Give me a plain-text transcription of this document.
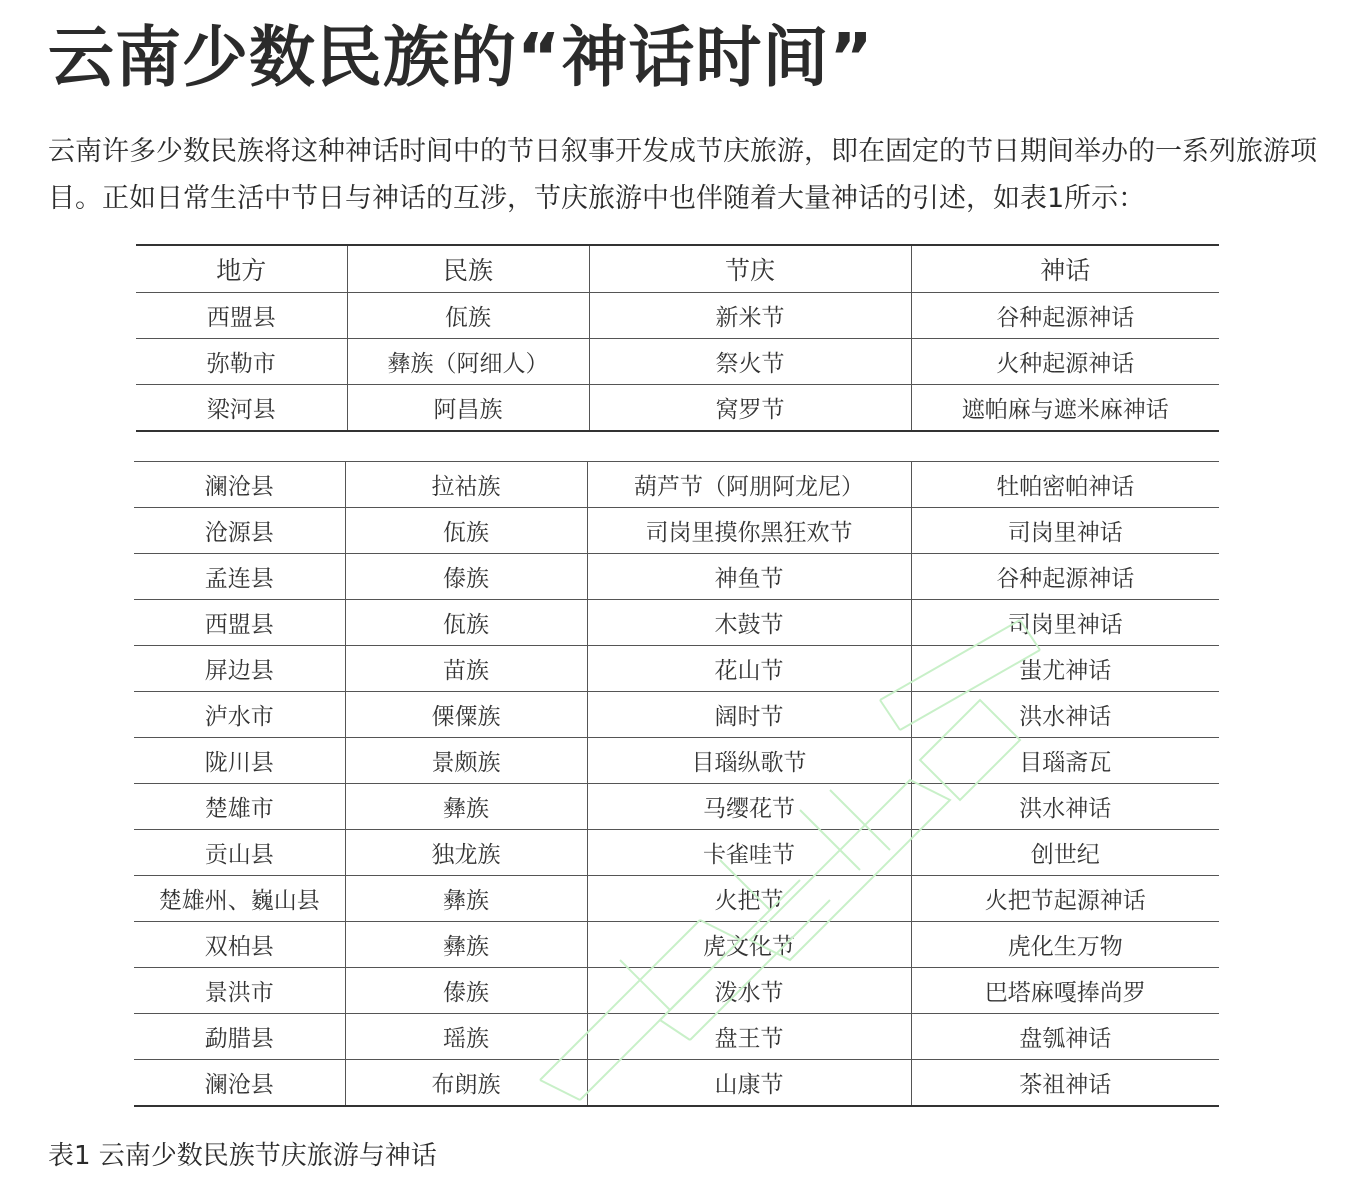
云南少数民族的“神话时间”

云南许多少数民族将这种神话时间中的节日叙事开发成节庆旅游，即在固定的节日期间举办的一系列旅游项目。正如日常生活中节日与神话的互涉，节庆旅游中也伴随着大量神话的引述，如表1所示：

地方	民族	节庆	神话
西盟县	佤族	新米节	谷种起源神话
弥勒市	彝族（阿细人）	祭火节	火种起源神话
梁河县	阿昌族	窝罗节	遮帕麻与遮米麻神话
澜沧县	拉祜族	葫芦节（阿朋阿龙尼）	牡帕密帕神话
沧源县	佤族	司岗里摸你黑狂欢节	司岗里神话
孟连县	傣族	神鱼节	谷种起源神话
西盟县	佤族	木鼓节	司岗里神话
屏边县	苗族	花山节	蚩尤神话
泸水市	傈僳族	阔时节	洪水神话
陇川县	景颇族	目瑙纵歌节	目瑙斋瓦
楚雄市	彝族	马缨花节	洪水神话
贡山县	独龙族	卡雀哇节	创世纪
楚雄州、巍山县	彝族	火把节	火把节起源神话
双柏县	彝族	虎文化节	虎化生万物
景洪市	傣族	泼水节	巴塔麻嘎捧尚罗
勐腊县	瑶族	盘王节	盘瓠神话
澜沧县	布朗族	山康节	茶祖神话

表1 云南少数民族节庆旅游与神话
